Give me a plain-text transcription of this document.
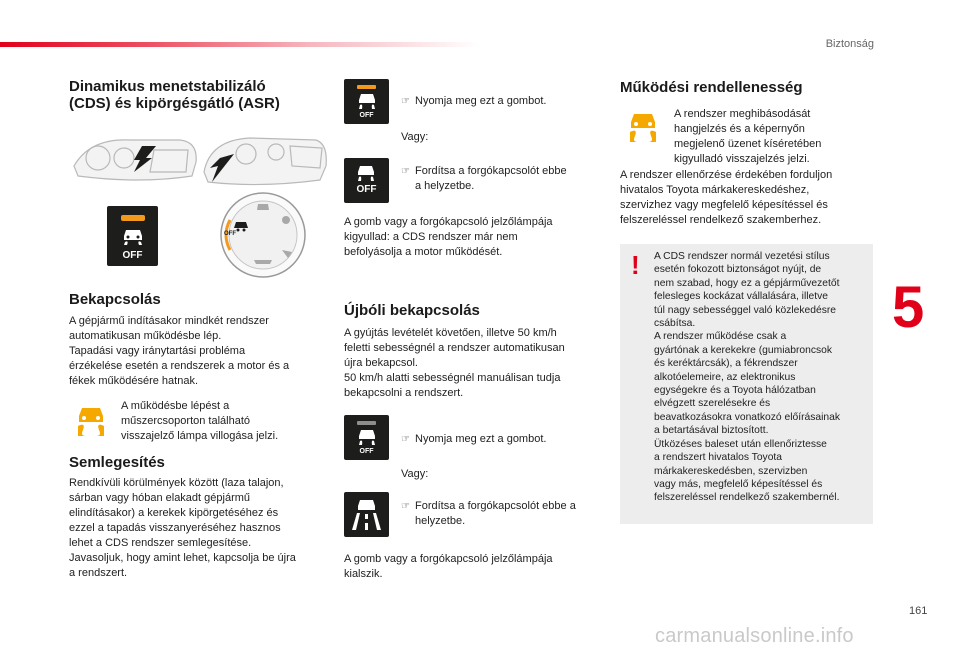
Biztonság
Dinamikus menetstabilizáló
(CDS) és kipörgésgátló (ASR)
OFF
OFF
Bekapcsolás

A gépjármű indításakor mindkét rendszer

automatikusan működésbe lép.

Tapadási vagy iránytartási probléma

érzékelése esetén a rendszerek a motor és a

fékek működésére hatnak.

A működésbe lépést a

műszercsoporton található

visszajelző lámpa villogása jelzi.

Semlegesítés

Rendkívüli körülmények között (laza talajon,

sárban vagy hóban elakadt gépjármű

elindításakor) a kerekek kipörgetéséhez és

ezzel a tapadás visszanyeréséhez hasznos

lehet a CDS rendszer semlegesítése.

Javasoljuk, hogy amint lehet, kapcsolja be újra

a rendszert.

OFF
☞ Nyomja meg ezt a gombot.
Vagy:
OFF

☞ Fordítsa a forgókapcsolót ebbe

a helyzetbe.

A gomb vagy a forgókapcsoló jelzőlámpája

kigyullad: a CDS rendszer már nem

befolyásolja a motor működését.

Újbóli bekapcsolás

A gyújtás levételét követően, illetve 50 km/h

feletti sebességnél a rendszer automatikusan

újra bekapcsol.

50 km/h alatti sebességnél manuálisan tudja

bekapcsolni a rendszert.

OFF
☞ Nyomja meg ezt a gombot.
Vagy:

☞ Fordítsa a forgókapcsolót ebbe a

helyzetbe.

A gomb vagy a forgókapcsoló jelzőlámpája

kialszik.

Működési rendellenesség

A rendszer meghibásodását

hangjelzés és a képernyőn

megjelenő üzenet kíséretében

kigyulladó visszajelzés jelzi.

A rendszer ellenőrzése érdekében forduljon

hivatalos Toyota márkakereskedéshez,

szervizhez vagy megfelelő képesítéssel és

felszereléssel rendelkező szakemberhez.

! A CDS rendszer normál vezetési stílus

esetén fokozott biztonságot nyújt, de

nem szabad, hogy ez a gépjárművezetőt

felesleges kockázat vállalására, illetve

túl nagy sebességgel való közlekedésre

csábítsa.

A rendszer működése csak a

gyártónak a kerekekre (gumiabroncsok

és keréktárcsák), a fékrendszer

alkotóelemeire, az elektronikus

egységekre és a Toyota hálózatban

elvégzett szerelésekre és

beavatkozásokra vonatkozó előírásainak

a betartásával biztosított.

Ütközéses baleset után ellenőriztesse

a rendszert hivatalos Toyota

márkakereskedésben, szervizben

vagy más, megfelelő képesítéssel és

felszereléssel rendelkező szakembernél.

5
161
carmanualsonline.info
